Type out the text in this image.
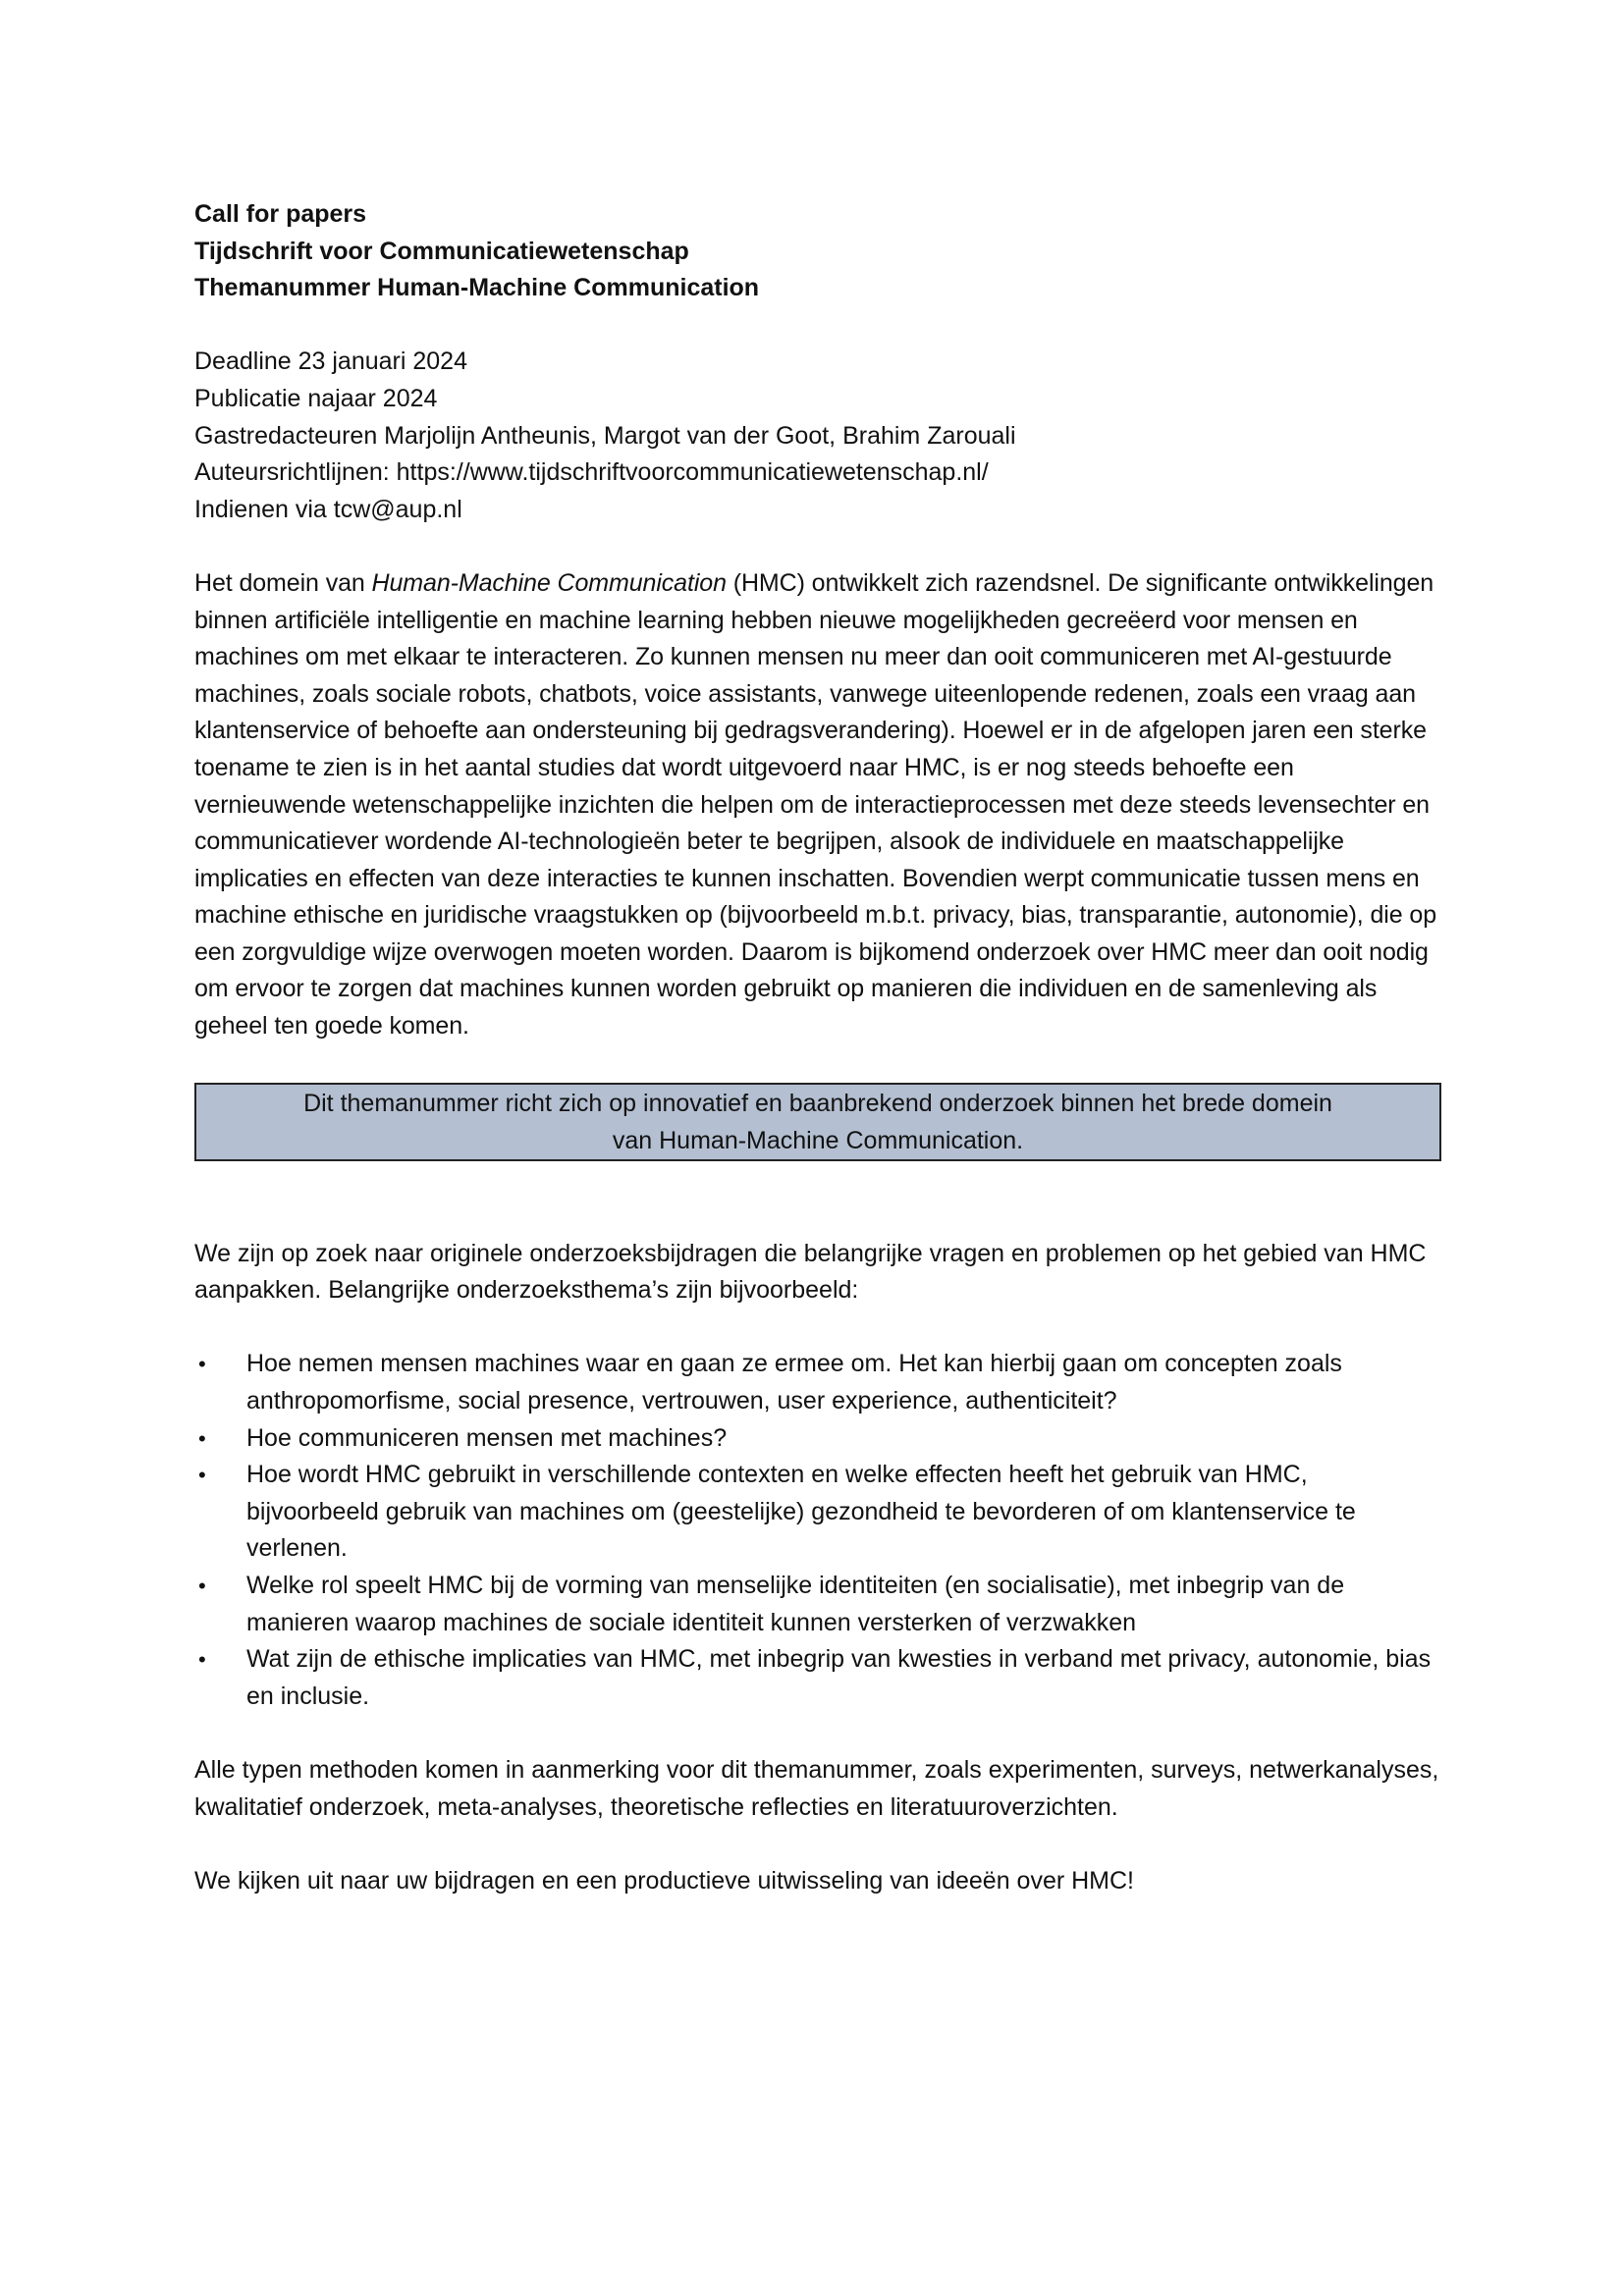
Call for papers
Tijdschrift voor Communicatiewetenschap
Themanummer Human-Machine Communication
Deadline 23 januari 2024
Publicatie najaar 2024
Gastredacteuren Marjolijn Antheunis, Margot van der Goot, Brahim Zarouali
Auteursrichtlijnen: https://www.tijdschriftvoorcommunicatiewetenschap.nl/
Indienen via tcw@aup.nl

Het domein van Human-Machine Communication (HMC) ontwikkelt zich razendsnel. De significante ontwikkelingen binnen artificiële intelligentie en machine learning hebben nieuwe mogelijkheden gecreëerd voor mensen en machines om met elkaar te interacteren. Zo kunnen mensen nu meer dan ooit communiceren met AI-gestuurde machines, zoals sociale robots, chatbots, voice assistants, vanwege uiteenlopende redenen, zoals een vraag aan klantenservice of behoefte aan ondersteuning bij gedragsverandering). Hoewel er in de afgelopen jaren een sterke toename te zien is in het aantal studies dat wordt uitgevoerd naar HMC, is er nog steeds behoefte een vernieuwende wetenschappelijke inzichten die helpen om de interactieprocessen met deze steeds levensechter en communicatiever wordende AI-technologieën beter te begrijpen, alsook de individuele en maatschappelijke implicaties en effecten van deze interacties te kunnen inschatten. Bovendien werpt communicatie tussen mens en machine ethische en juridische vraagstukken op (bijvoorbeeld m.b.t. privacy, bias, transparantie, autonomie), die op een zorgvuldige wijze overwogen moeten worden. Daarom is bijkomend onderzoek over HMC meer dan ooit nodig om ervoor te zorgen dat machines kunnen worden gebruikt op manieren die individuen en de samenleving als geheel ten goede komen.

Dit themanummer richt zich op innovatief en baanbrekend onderzoek binnen het brede domein
van Human-Machine Communication.

We zijn op zoek naar originele onderzoeksbijdragen die belangrijke vragen en problemen op het gebied van HMC aanpakken. Belangrijke onderzoeksthema’s zijn bijvoorbeeld:

• Hoe nemen mensen machines waar en gaan ze ermee om. Het kan hierbij gaan om concepten zoals anthropomorfisme, social presence, vertrouwen, user experience, authenticiteit?
• Hoe communiceren mensen met machines?
• Hoe wordt HMC gebruikt in verschillende contexten en welke effecten heeft het gebruik van HMC, bijvoorbeeld gebruik van machines om (geestelijke) gezondheid te bevorderen of om klantenservice te verlenen.
• Welke rol speelt HMC bij de vorming van menselijke identiteiten (en socialisatie), met inbegrip van de manieren waarop machines de sociale identiteit kunnen versterken of verzwakken
• Wat zijn de ethische implicaties van HMC, met inbegrip van kwesties in verband met privacy, autonomie, bias en inclusie.

Alle typen methoden komen in aanmerking voor dit themanummer, zoals experimenten, surveys, netwerkanalyses, kwalitatief onderzoek, meta-analyses, theoretische reflecties en literatuuroverzichten.

We kijken uit naar uw bijdragen en een productieve uitwisseling van ideeën over HMC!
